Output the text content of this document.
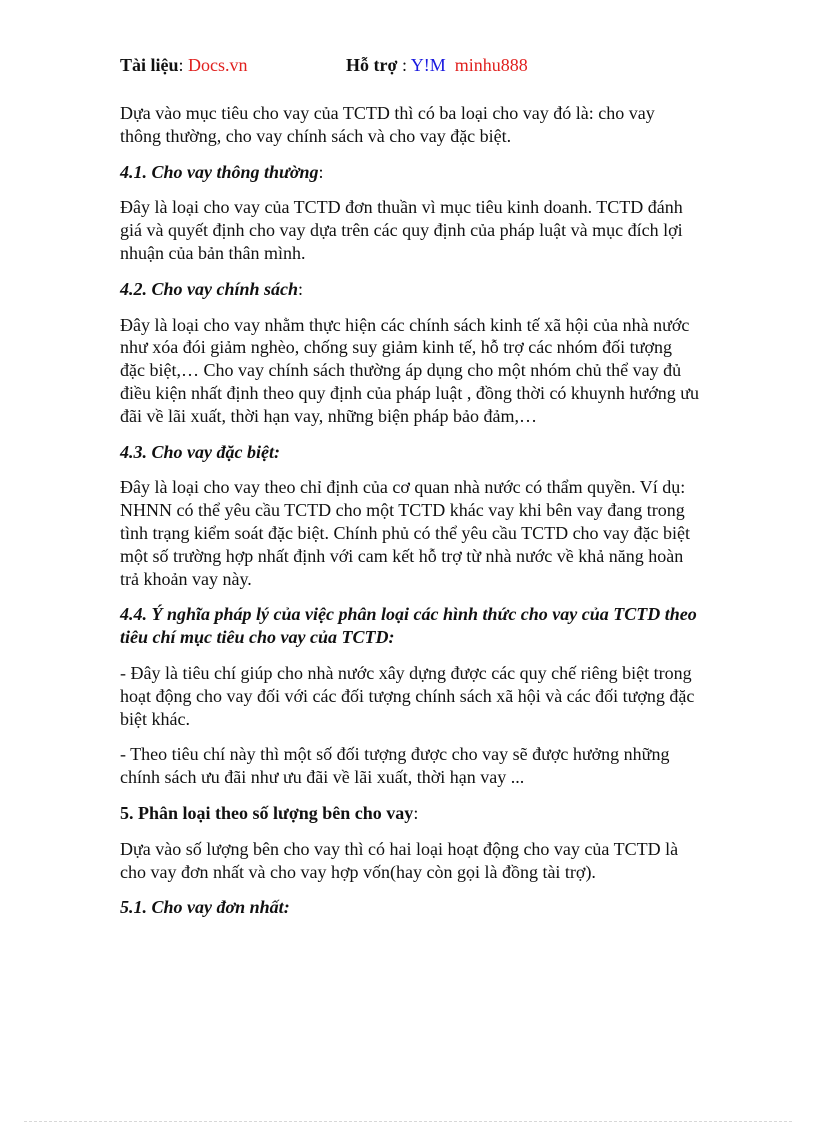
Tài liệu: Docs.vn	Hỗ trợ : Y!M minhu888

Dựa vào mục tiêu cho vay của TCTD thì có ba loại cho vay đó là: cho vay thông thường, cho vay chính sách và cho vay đặc biệt.

4.1. Cho vay thông thường:

Đây là loại cho vay của TCTD đơn thuần vì mục tiêu kinh doanh. TCTD đánh giá và quyết định cho vay dựa trên các quy định của pháp luật và mục đích lợi nhuận của bản thân mình.

4.2. Cho vay chính sách:

Đây là loại cho vay nhằm thực hiện các chính sách kinh tế xã hội của nhà nước như xóa đói giảm nghèo, chống suy giảm kinh tế, hỗ trợ các nhóm đối tượng đặc biệt,… Cho vay chính sách thường áp dụng cho một nhóm chủ thể vay đủ điều kiện nhất định theo quy định của pháp luật , đồng thời có khuynh hướng ưu đãi về lãi xuất, thời hạn vay, những biện pháp bảo đảm,…

4.3. Cho vay đặc biệt:

Đây là loại cho vay theo chỉ định của cơ quan nhà nước có thẩm quyền. Ví dụ: NHNN có thể yêu cầu TCTD cho một TCTD khác vay khi bên vay đang trong tình trạng kiểm soát đặc biệt. Chính phủ có thể yêu cầu TCTD cho vay đặc biệt một số trường hợp nhất định với cam kết hỗ trợ từ nhà nước về khả năng hoàn trả khoản vay này.

4.4. Ý nghĩa pháp lý của việc phân loại các hình thức cho vay của TCTD theo tiêu chí mục tiêu cho vay của TCTD:

- Đây là tiêu chí giúp cho nhà nước xây dựng được các quy chế riêng biệt trong hoạt động cho vay đối với các đối tượng chính sách xã hội và các đối tượng đặc biệt khác.

- Theo tiêu chí này thì một số đối tượng được cho vay sẽ được hưởng những chính sách ưu đãi như ưu đãi về lãi xuất, thời hạn vay ...

5. Phân loại theo số lượng bên cho vay:

Dựa vào số lượng bên cho vay thì có hai loại hoạt động cho vay của TCTD là cho vay đơn nhất và cho vay hợp vốn(hay còn gọi là đồng tài trợ).

5.1. Cho vay đơn nhất:
